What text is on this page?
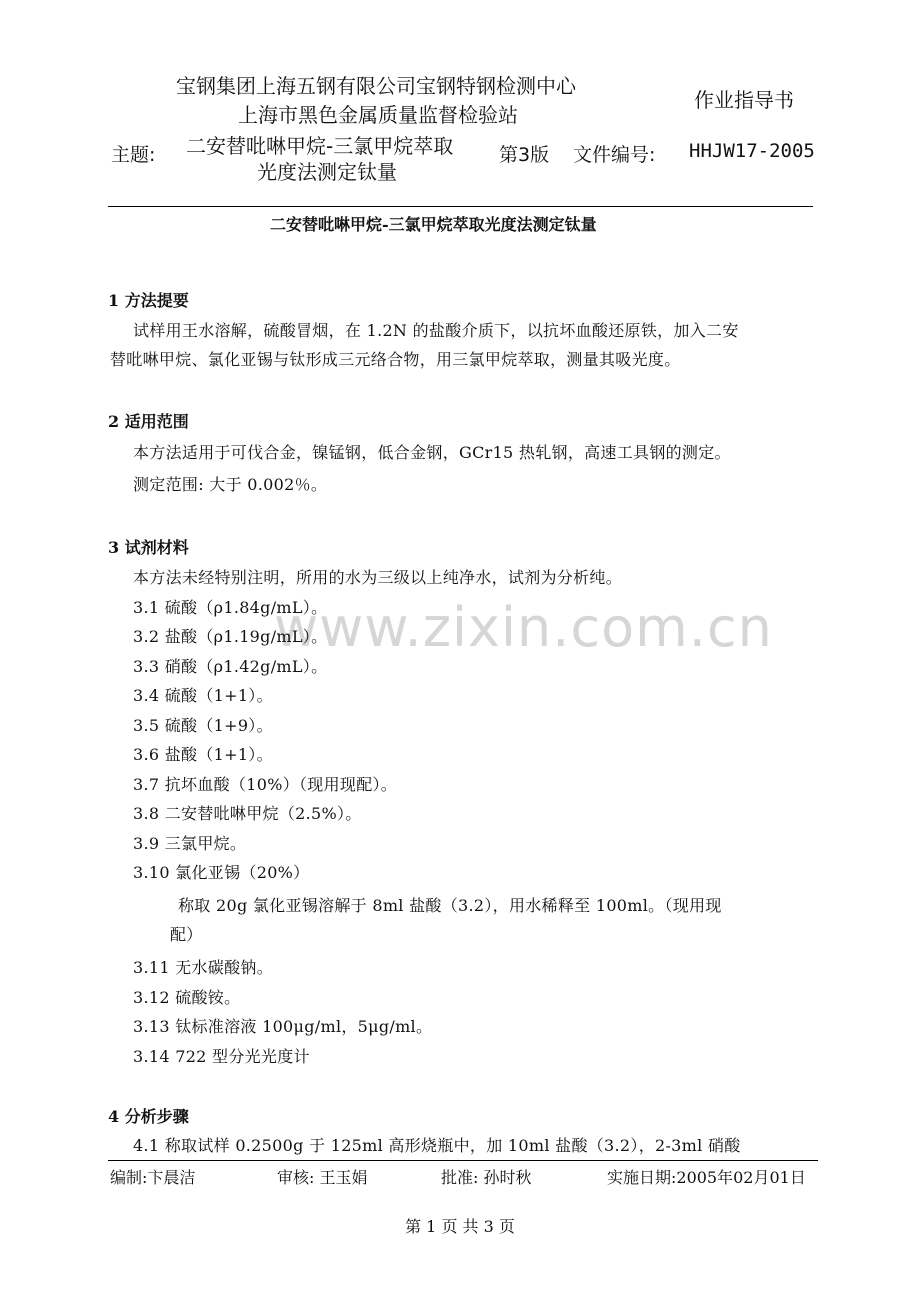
www.zixin.com.cn
宝钢集团上海五钢有限公司宝钢特钢检测中心
上海市黑色金属质量监督检验站
作业指导书
主题: 二安替吡啉甲烷-三氯甲烷萃取
光度法测定钛量
第3版 文件编号: HHJW17-2005
二安替吡啉甲烷-三氯甲烷萃取光度法测定钛量
1 方法提要
试样用王水溶解，硫酸冒烟，在 1.2N 的盐酸介质下，以抗坏血酸还原铁，加入二安
替吡啉甲烷、氯化亚锡与钛形成三元络合物，用三氯甲烷萃取，测量其吸光度。
2 适用范围
本方法适用于可伐合金，镍锰钢，低合金钢，GCr15 热轧钢，高速工具钢的测定。
测定范围: 大于 0.002％。
3 试剂材料
本方法未经特别注明，所用的水为三级以上纯净水，试剂为分析纯。
3.1 硫酸（ρ1.84g/mL）。
3.2 盐酸（ρ1.19g/mL）。
3.3 硝酸（ρ1.42g/mL）。
3.4 硫酸（1+1）。
3.5 硫酸（1+9）。
3.6 盐酸（1+1）。
3.7 抗坏血酸（10%）（现用现配）。
3.8 二安替吡啉甲烷（2.5%）。
3.9 三氯甲烷。
3.10 氯化亚锡（20%）
称取 20g 氯化亚锡溶解于 8ml 盐酸（3.2），用水稀释至 100ml。（现用现
配）
3.11 无水碳酸钠。
3.12 硫酸铵。
3.13 钛标准溶液 100μg/ml，5μg/ml。
3.14 722 型分光光度计
4 分析步骤
4.1 称取试样 0.2500g 于 125ml 高形烧瓶中，加 10ml 盐酸（3.2），2-3ml 硝酸
编制:卞晨洁	审核: 王玉娟	批准: 孙时秋	实施日期:2005年02月01日
第 1 页 共 3 页
